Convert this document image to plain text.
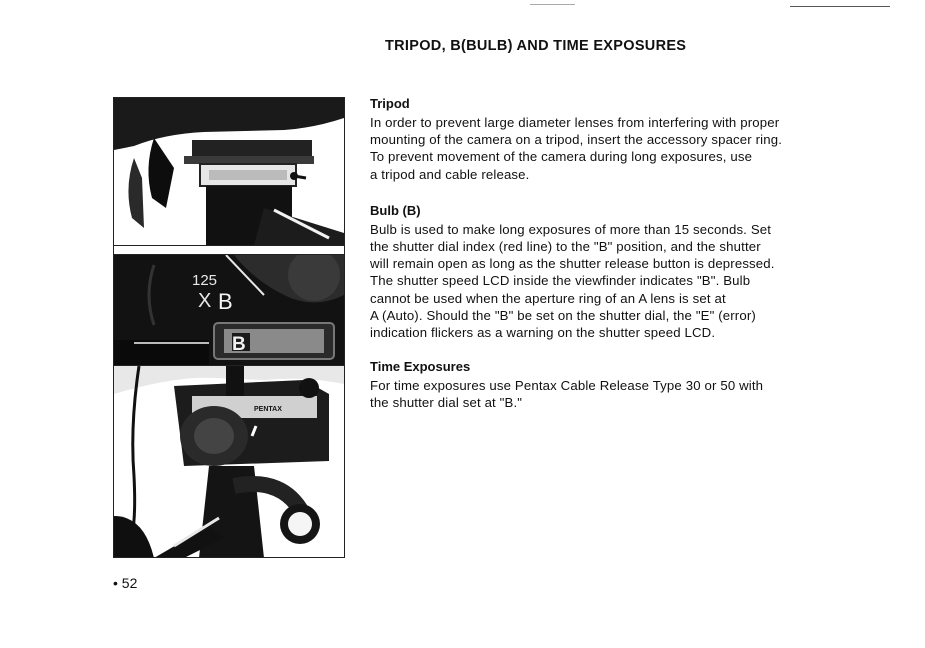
TRIPOD, B(BULB) AND TIME EXPOSURES
125
X B
B
PENTAX
Tripod
In order to prevent large diameter lenses from interfering with proper
mounting of the camera on a tripod, insert the accessory spacer ring.
To prevent movement of the camera during long exposures, use
a tripod and cable release.
Bulb (B)
Bulb is used to make long exposures of more than 15 seconds. Set
the shutter dial index (red line) to the "B" position, and the shutter
will remain open as long as the shutter release button is depressed.
The shutter speed LCD inside the viewfinder indicates "B". Bulb
cannot be used when the aperture ring of an A lens is set at
A (Auto). Should the "B" be set on the shutter dial, the "E" (error)
indication flickers as a warning on the shutter speed LCD.
Time Exposures
For time exposures use Pentax Cable Release Type 30 or 50 with
the shutter dial set at "B."
• 52
